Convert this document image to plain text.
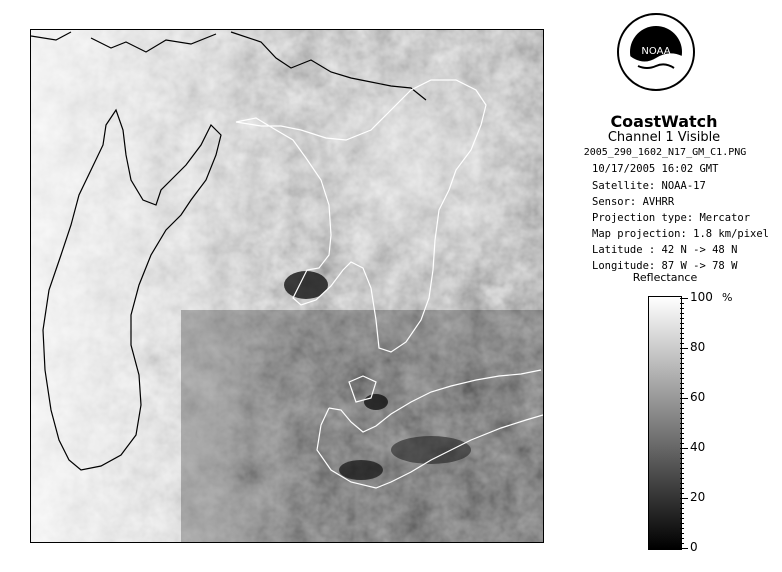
NOAA
CoastWatch
Channel 1 Visible
2005_290_1602_N17_GM_C1.PNG
10/17/2005 16:02 GMT
Satellite: NOAA-17
Sensor: AVHRR
Projection type: Mercator
Map projection: 1.8 km/pixel
Latitude : 42 N -> 48 N
Longitude: 87 W -> 78 W
Reflectance
%
100
80
60
40
20
0
